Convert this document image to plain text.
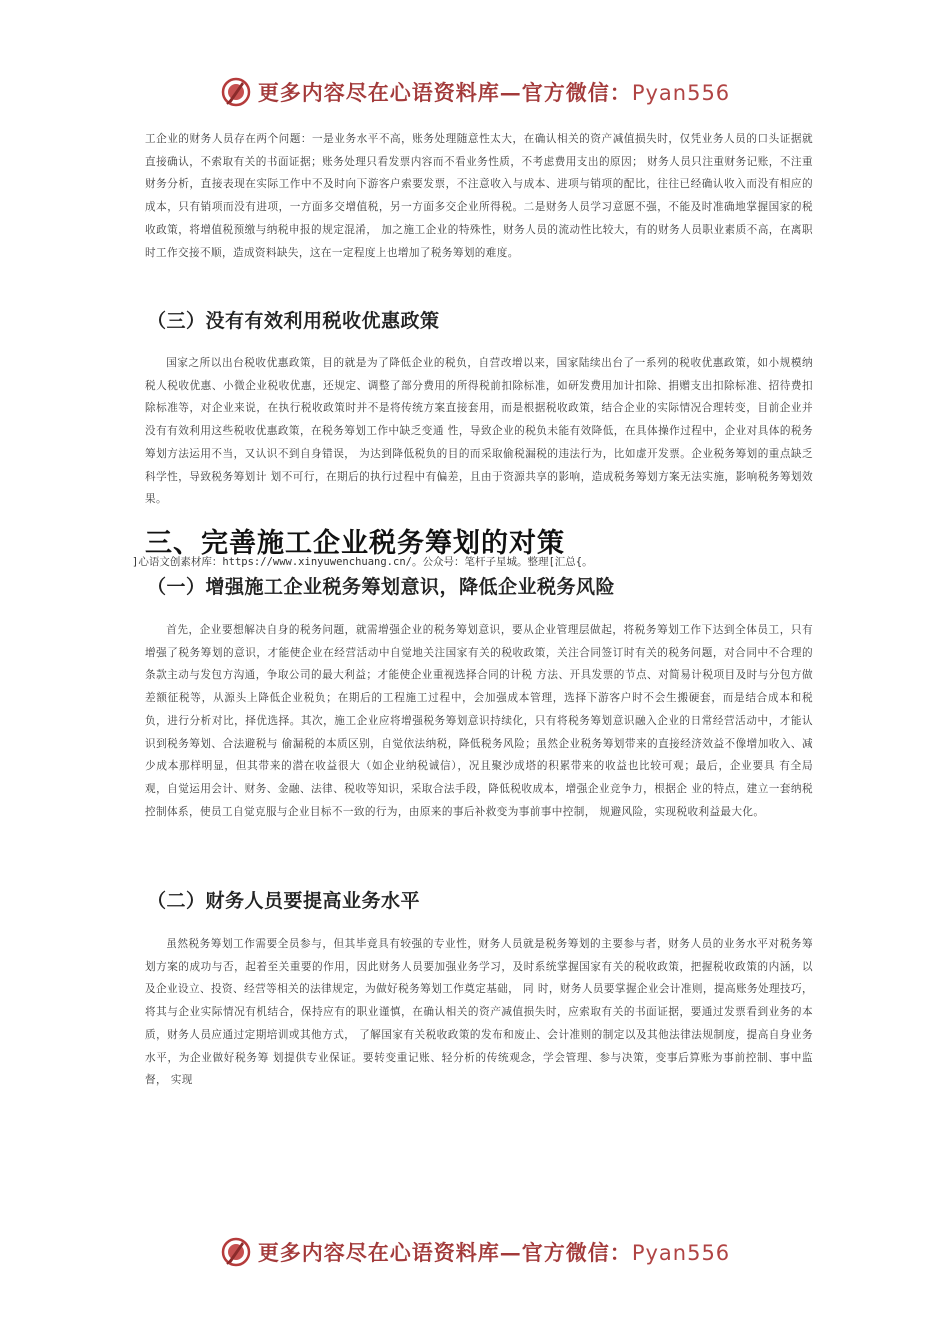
更多内容尽在心语资料库—官方微信：Pyan556

工企业的财务人员存在两个问题：一是业务水平不高，账务处理随意性太大，在确认相关的资产减值损失时，仅凭业务人员的口头证据就直接确认，不索取有关的书面证据；账务处理只看发票内容而不看业务性质，不考虑费用支出的原因； 财务人员只注重财务记账，不注重财务分析，直接表现在实际工作中不及时向下游客户索要发票，不注意收入与成本、进项与销项的配比，往往已经确认收入而没有相应的成本，只有销项而没有进项，一方面多交增值税，另一方面多交企业所得税。二是财务人员学习意愿不强，不能及时准确地掌握国家的税收政策，将增值税预缴与纳税申报的规定混淆， 加之施工企业的特殊性，财务人员的流动性比较大，有的财务人员职业素质不高，在离职时工作交接不顺，造成资料缺失，这在一定程度上也增加了税务筹划的难度。

（三）没有有效利用税收优惠政策

国家之所以出台税收优惠政策，目的就是为了降低企业的税负，自营改增以来，国家陆续出台了一系列的税收优惠政策，如小规模纳税人税收优惠、小微企业税收优惠，还规定、调整了部分费用的所得税前扣除标准，如研发费用加计扣除、捐赠支出扣除标准、招待费扣除标准等，对企业来说，在执行税收政策时并不是将传统方案直接套用，而是根据税收政策，结合企业的实际情况合理转变，目前企业并没有有效利用这些税收优惠政策，在税务筹划工作中缺乏变通 性，导致企业的税负未能有效降低，在具体操作过程中，企业对具体的税务筹划方法运用不当，又认识不到自身错误， 为达到降低税负的目的而采取偷税漏税的违法行为，比如虚开发票。企业税务筹划的重点缺乏科学性，导致税务筹划计 划不可行，在期后的执行过程中有偏差，且由于资源共享的影响，造成税务筹划方案无法实施，影响税务筹划效果。

三、完善施工企业税务筹划的对策
（一）增强施工企业税务筹划意识，降低企业税务风险

首先，企业要想解决自身的税务问题，就需增强企业的税务筹划意识，要从企业管理层做起，将税务筹划工作下达到全体员工，只有增强了税务筹划的意识，才能使企业在经营活动中自觉地关注国家有关的税收政策，关注合同签订时有关的税务问题，对合同中不合理的条款主动与发包方沟通，争取公司的最大利益；才能使企业重视选择合同的计税 方法、开具发票的节点、对简易计税项目及时与分包方做差额征税等，从源头上降低企业税负；在期后的工程施工过程中，会加强成本管理，选择下游客户时不会生搬硬套，而是结合成本和税负，进行分析对比，择优选择。其次，施工企业应将增强税务筹划意识持续化，只有将税务筹划意识融入企业的日常经营活动中，才能认识到税务筹划、合法避税与 偷漏税的本质区别，自觉依法纳税，降低税务风险；虽然企业税务筹划带来的直接经济效益不像增加收入、减少成本那样明显，但其带来的潜在收益很大（如企业纳税诚信），况且聚沙成塔的积累带来的收益也比较可观；最后，企业要具 有全局观，自觉运用会计、财务、金融、法律、税收等知识，采取合法手段，降低税收成本，增强企业竞争力，根据企 业的特点，建立一套纳税控制体系，使员工自觉克服与企业目标不一致的行为，由原来的事后补救变为事前事中控制， 规避风险，实现税收利益最大化。

（二）财务人员要提高业务水平

虽然税务筹划工作需要全员参与，但其毕竟具有较强的专业性，财务人员就是税务筹划的主要参与者，财务人员的业务水平对税务筹划方案的成功与否，起着至关重要的作用，因此财务人员要加强业务学习，及时系统掌握国家有关的税收政策，把握税收政策的内涵，以及企业设立、投资、经营等相关的法律规定，为做好税务筹划工作奠定基础， 同 时，财务人员要掌握企业会计准则，提高账务处理技巧，将其与企业实际情况有机结合，保持应有的职业谨慎，在确认相关的资产减值损失时，应索取有关的书面证据，要通过发票看到业务的本质，财务人员应通过定期培训或其他方式， 了解国家有关税收政策的发布和废止、会计准则的制定以及其他法律法规制度，提高自身业务水平，为企业做好税务筹 划提供专业保证。要转变重记账、轻分析的传统观念，学会管理、参与决策，变事后算账为事前控制、事中监督， 实现

]心语文创素材库：https://www.xinyuwenchuang.cn/。公众号：笔杆子星城。整理[汇总{。

更多内容尽在心语资料库—官方微信：Pyan556
